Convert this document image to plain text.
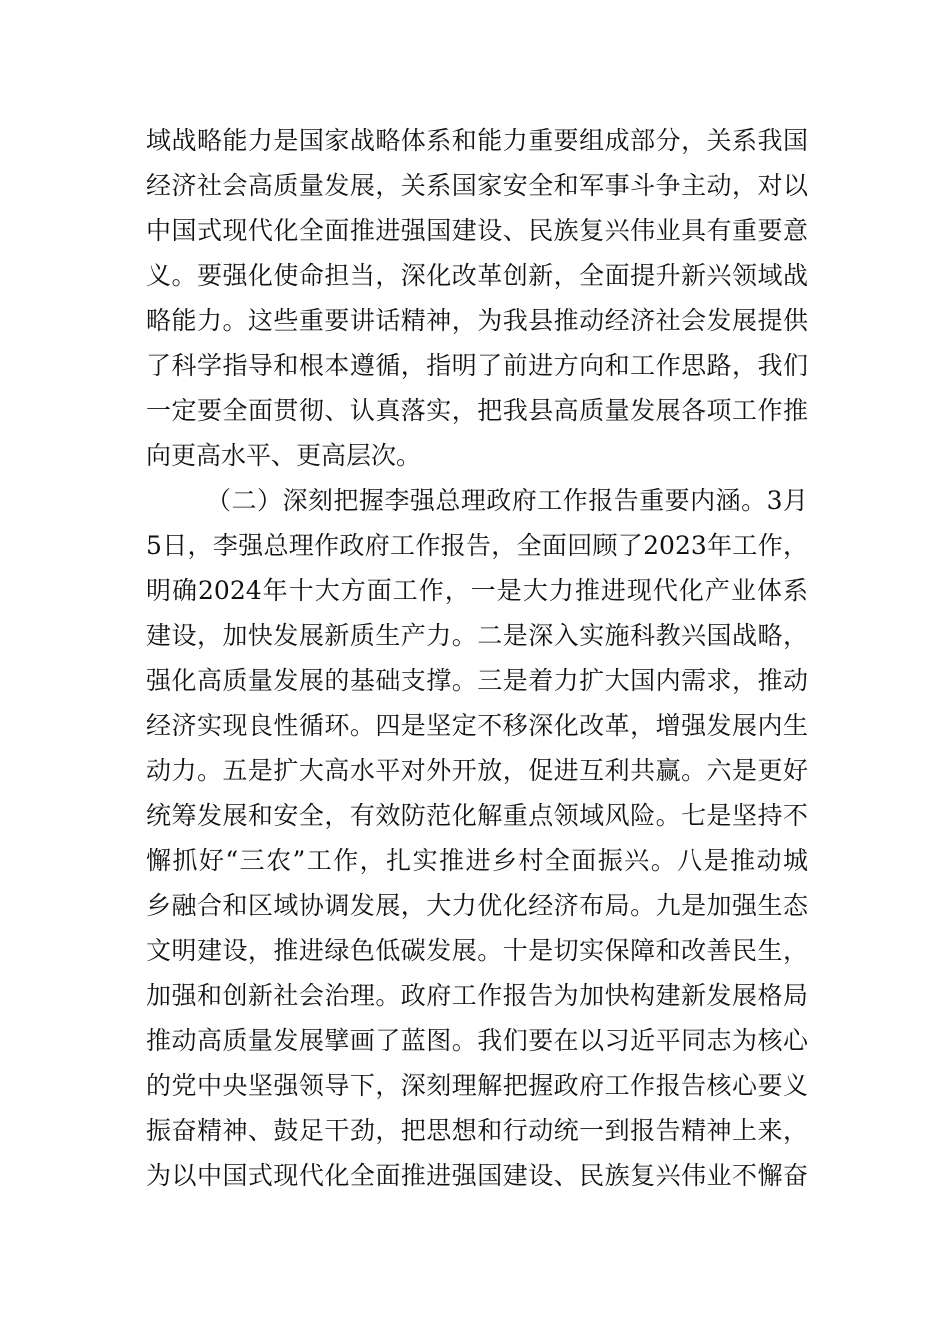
域战略能力是国家战略体系和能力重要组成部分，关系我国
经济社会高质量发展，关系国家安全和军事斗争主动，对以
中国式现代化全面推进强国建设、民族复兴伟业具有重要意
义。要强化使命担当，深化改革创新，全面提升新兴领域战
略能力。这些重要讲话精神，为我县推动经济社会发展提供
了科学指导和根本遵循，指明了前进方向和工作思路，我们
一定要全面贯彻、认真落实，把我县高质量发展各项工作推
向更高水平、更高层次。
（二）深刻把握李强总理政府工作报告重要内涵。3月
5日，李强总理作政府工作报告，全面回顾了2023年工作，
明确2024年十大方面工作，一是大力推进现代化产业体系
建设，加快发展新质生产力。二是深入实施科教兴国战略，
强化高质量发展的基础支撑。三是着力扩大国内需求，推动
经济实现良性循环。四是坚定不移深化改革，增强发展内生
动力。五是扩大高水平对外开放，促进互利共赢。六是更好
统筹发展和安全，有效防范化解重点领域风险。七是坚持不
懈抓好“三农”工作，扎实推进乡村全面振兴。八是推动城
乡融合和区域协调发展，大力优化经济布局。九是加强生态
文明建设，推进绿色低碳发展。十是切实保障和改善民生，
加强和创新社会治理。政府工作报告为加快构建新发展格局
推动高质量发展擘画了蓝图。我们要在以习近平同志为核心
的党中央坚强领导下，深刻理解把握政府工作报告核心要义
振奋精神、鼓足干劲，把思想和行动统一到报告精神上来，
为以中国式现代化全面推进强国建设、民族复兴伟业不懈奋
